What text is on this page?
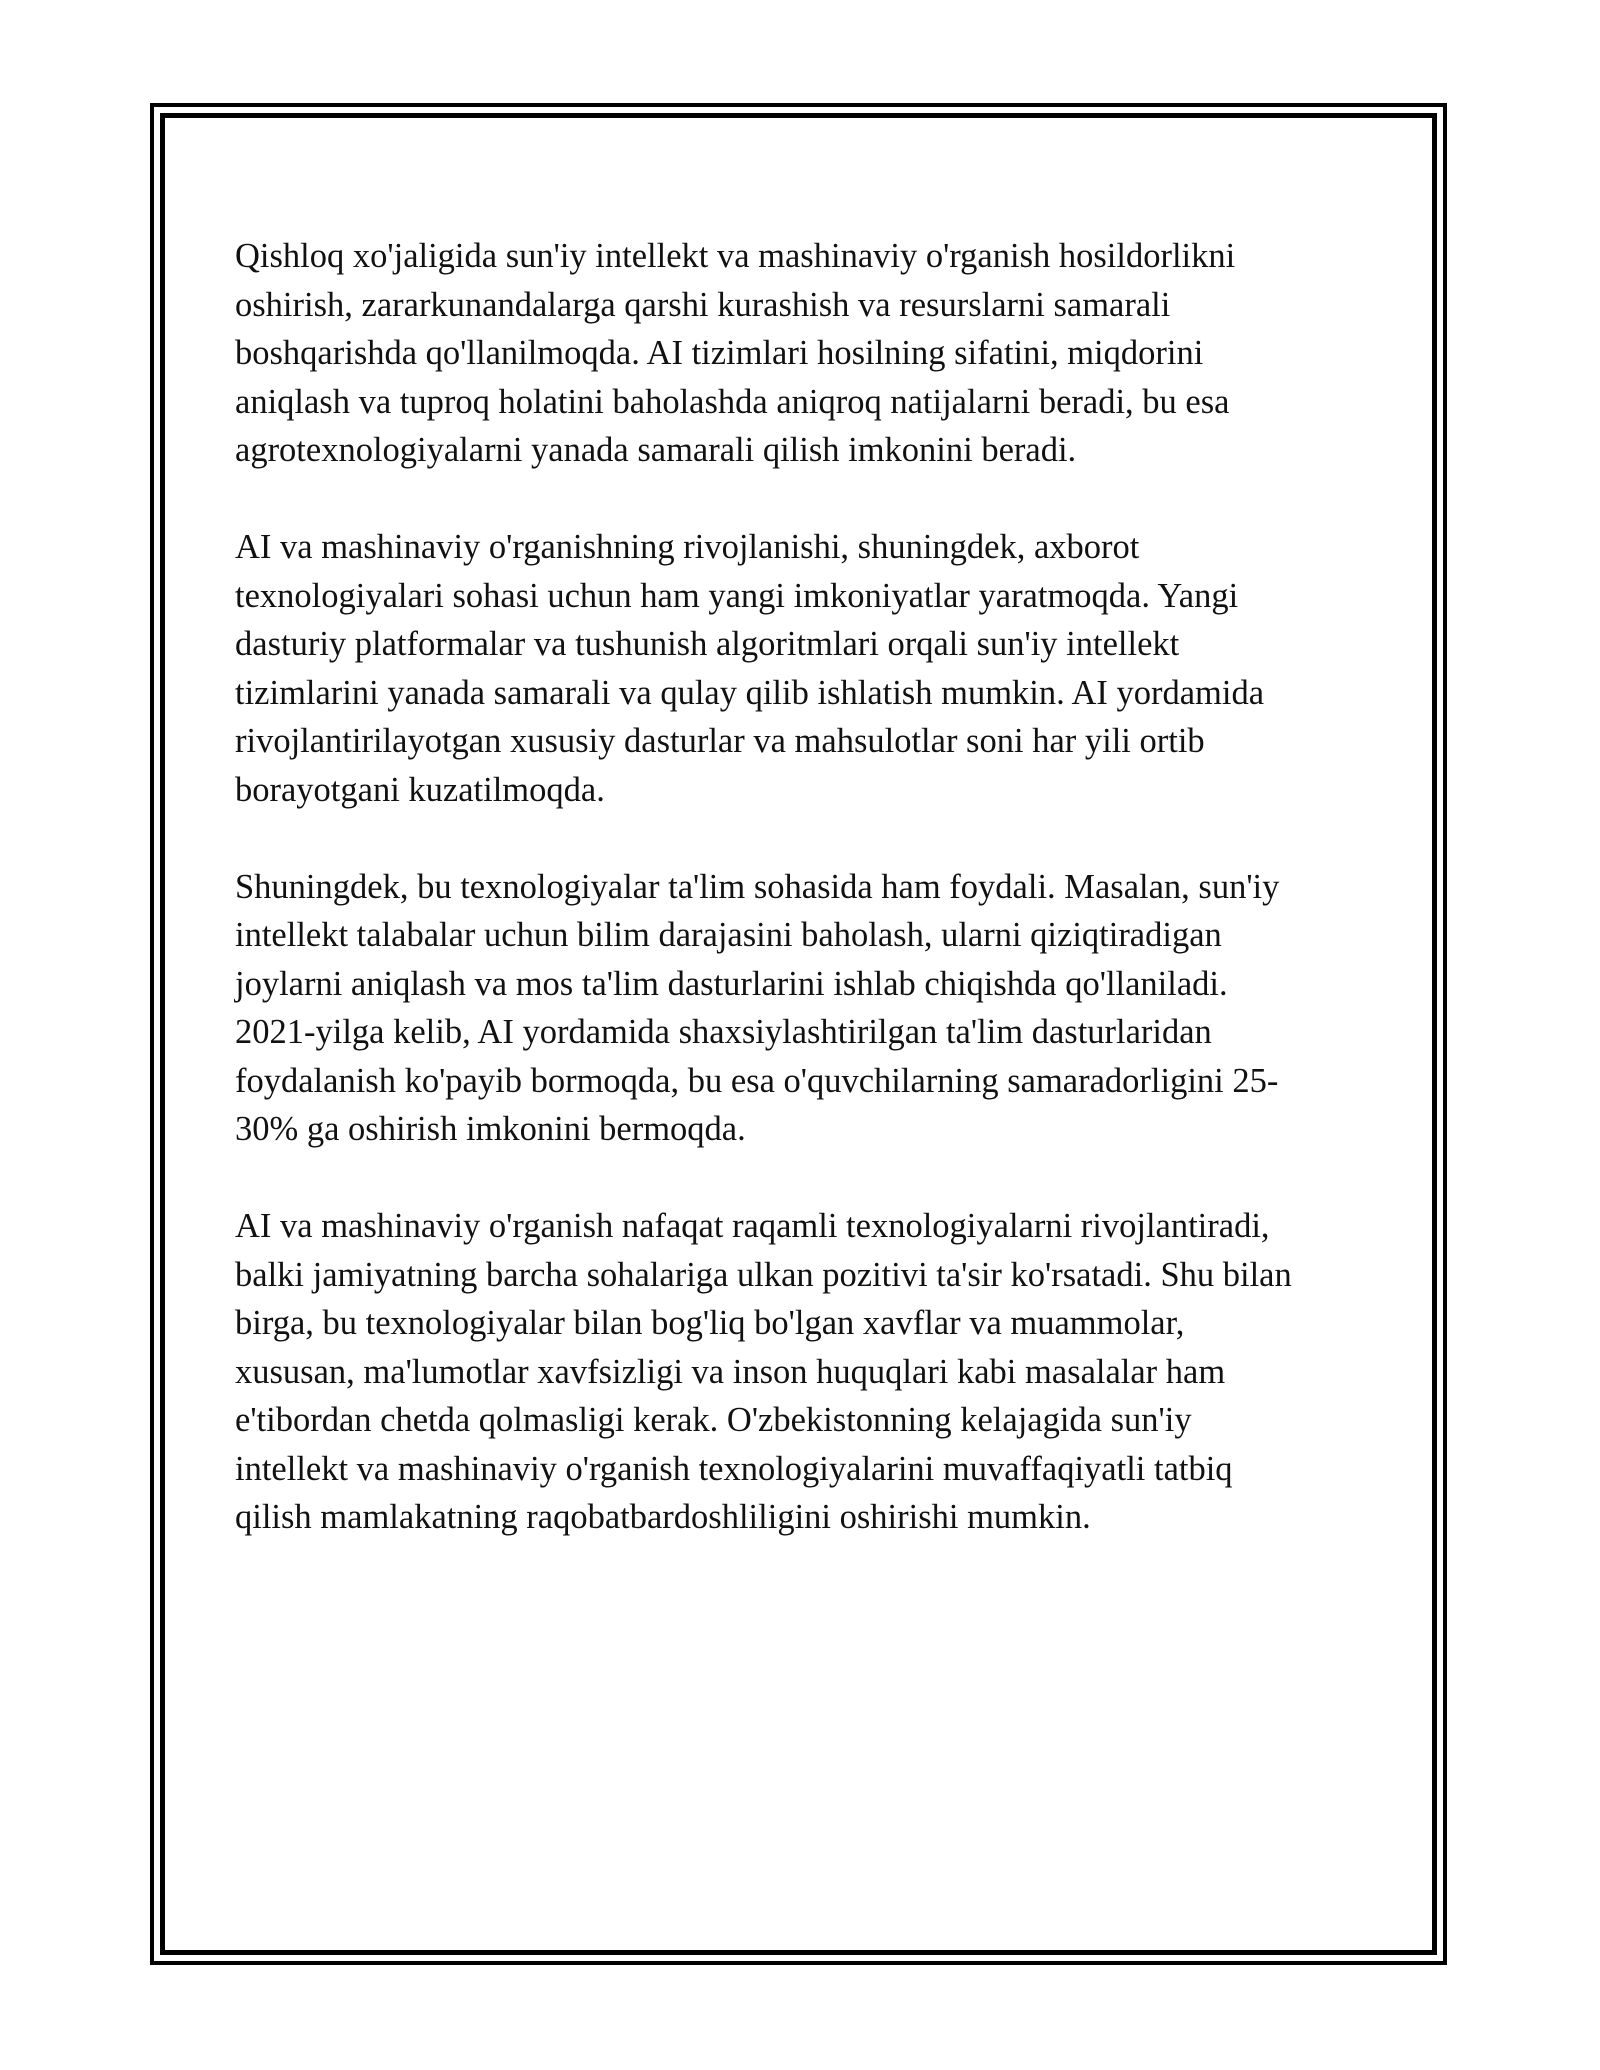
Qishloq xo'jaligida sun'iy intellekt va mashinaviy o'rganish hosildorlikni
oshirish, zararkunandalarga qarshi kurashish va resurslarni samarali
boshqarishda qo'llanilmoqda. AI tizimlari hosilning sifatini, miqdorini
aniqlash va tuproq holatini baholashda aniqroq natijalarni beradi, bu esa
agrotexnologiyalarni yanada samarali qilish imkonini beradi.

AI va mashinaviy o'rganishning rivojlanishi, shuningdek, axborot
texnologiyalari sohasi uchun ham yangi imkoniyatlar yaratmoqda. Yangi
dasturiy platformalar va tushunish algoritmlari orqali sun'iy intellekt
tizimlarini yanada samarali va qulay qilib ishlatish mumkin. AI yordamida
rivojlantirilayotgan xususiy dasturlar va mahsulotlar soni har yili ortib
borayotgani kuzatilmoqda.

Shuningdek, bu texnologiyalar ta'lim sohasida ham foydali. Masalan, sun'iy
intellekt talabalar uchun bilim darajasini baholash, ularni qiziqtiradigan
joylarni aniqlash va mos ta'lim dasturlarini ishlab chiqishda qo'llaniladi.
2021-yilga kelib, AI yordamida shaxsiylashtirilgan ta'lim dasturlaridan
foydalanish ko'payib bormoqda, bu esa o'quvchilarning samaradorligini 25-
30% ga oshirish imkonini bermoqda.

AI va mashinaviy o'rganish nafaqat raqamli texnologiyalarni rivojlantiradi,
balki jamiyatning barcha sohalariga ulkan pozitivi ta'sir ko'rsatadi. Shu bilan
birga, bu texnologiyalar bilan bog'liq bo'lgan xavflar va muammolar,
xususan, ma'lumotlar xavfsizligi va inson huquqlari kabi masalalar ham
e'tibordan chetda qolmasligi kerak. O'zbekistonning kelajagida sun'iy
intellekt va mashinaviy o'rganish texnologiyalarini muvaffaqiyatli tatbiq
qilish mamlakatning raqobatbardoshliligini oshirishi mumkin.
